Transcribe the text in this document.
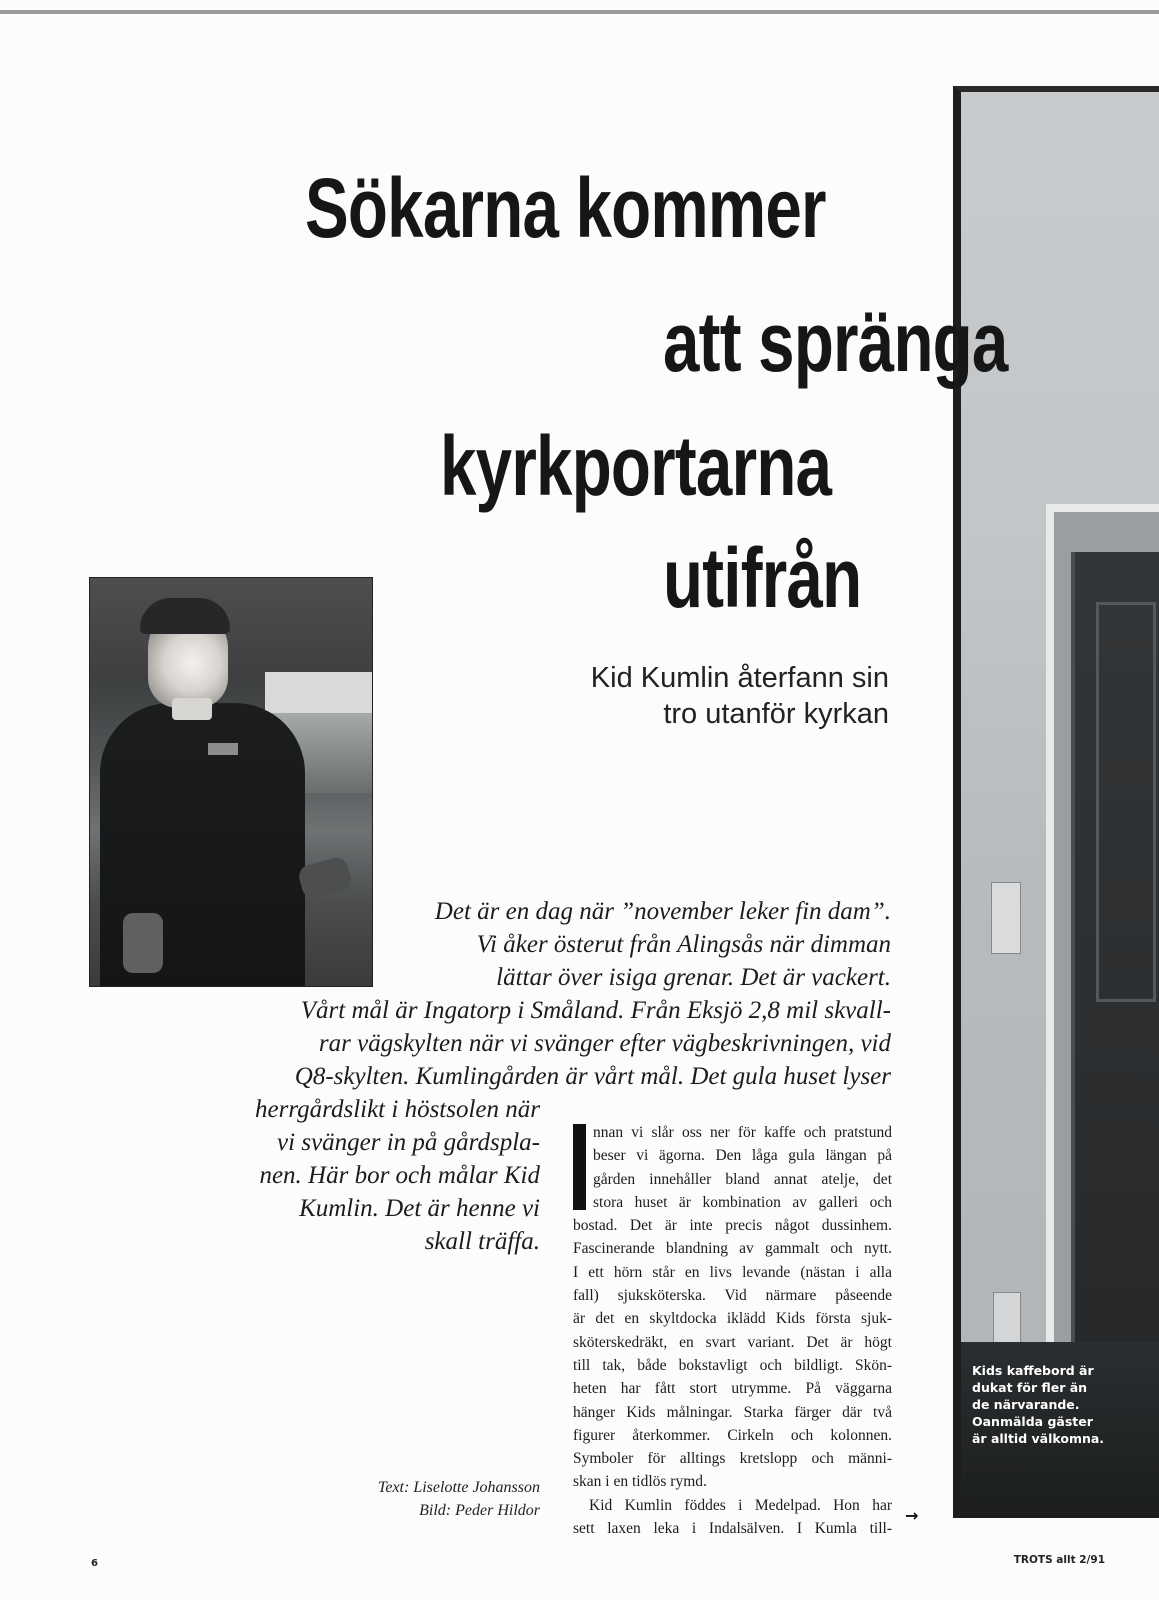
Kids kaffebord är
dukat för fler än
de närvarande.
Oanmälda gäster
är alltid välkomna.
Sökarna kommer
att spränga
kyrkportarna
utifrån
Kid Kumlin återfann sin
tro utanför kyrkan
Det är en dag när ”november leker fin dam”.
Vi åker österut från Alingsås när dimman
lättar över isiga grenar. Det är vackert.
Vårt mål är Ingatorp i Småland. Från Eksjö 2,8 mil skvall-
rar vägskylten när vi svänger efter vägbeskrivningen, vid
Q8-skylten. Kumlingården är vårt mål. Det gula huset lyser
herrgårdslikt i höstsolen när
vi svänger in på gårdspla-
nen. Här bor och målar Kid
Kumlin. Det är henne vi
skall träffa.
nnan vi slår oss ner för kaffe och pratstund
beser vi ägorna. Den låga gula längan på
gården innehåller bland annat atelje, det
stora huset är kombination av galleri och
bostad. Det är inte precis något dussinhem.
Fascinerande blandning av gammalt och nytt.
I ett hörn står en livs levande (nästan i alla
fall) sjuksköterska. Vid närmare påseende
är det en skyltdocka iklädd Kids första sjuk-
sköterskedräkt, en svart variant. Det är högt
till tak, både bokstavligt och bildligt. Skön-
heten har fått stort utrymme. På väggarna
hänger Kids målningar. Starka färger där två
figurer återkommer. Cirkeln och kolonnen.
Symboler för alltings kretslopp och männi-
skan i en tidlös rymd.
Kid Kumlin föddes i Medelpad. Hon har
sett laxen leka i Indalsälven. I Kumla till-
Text: Liselotte Johansson
Bild: Peder Hildor	→
6	TROTS allt 2/91
